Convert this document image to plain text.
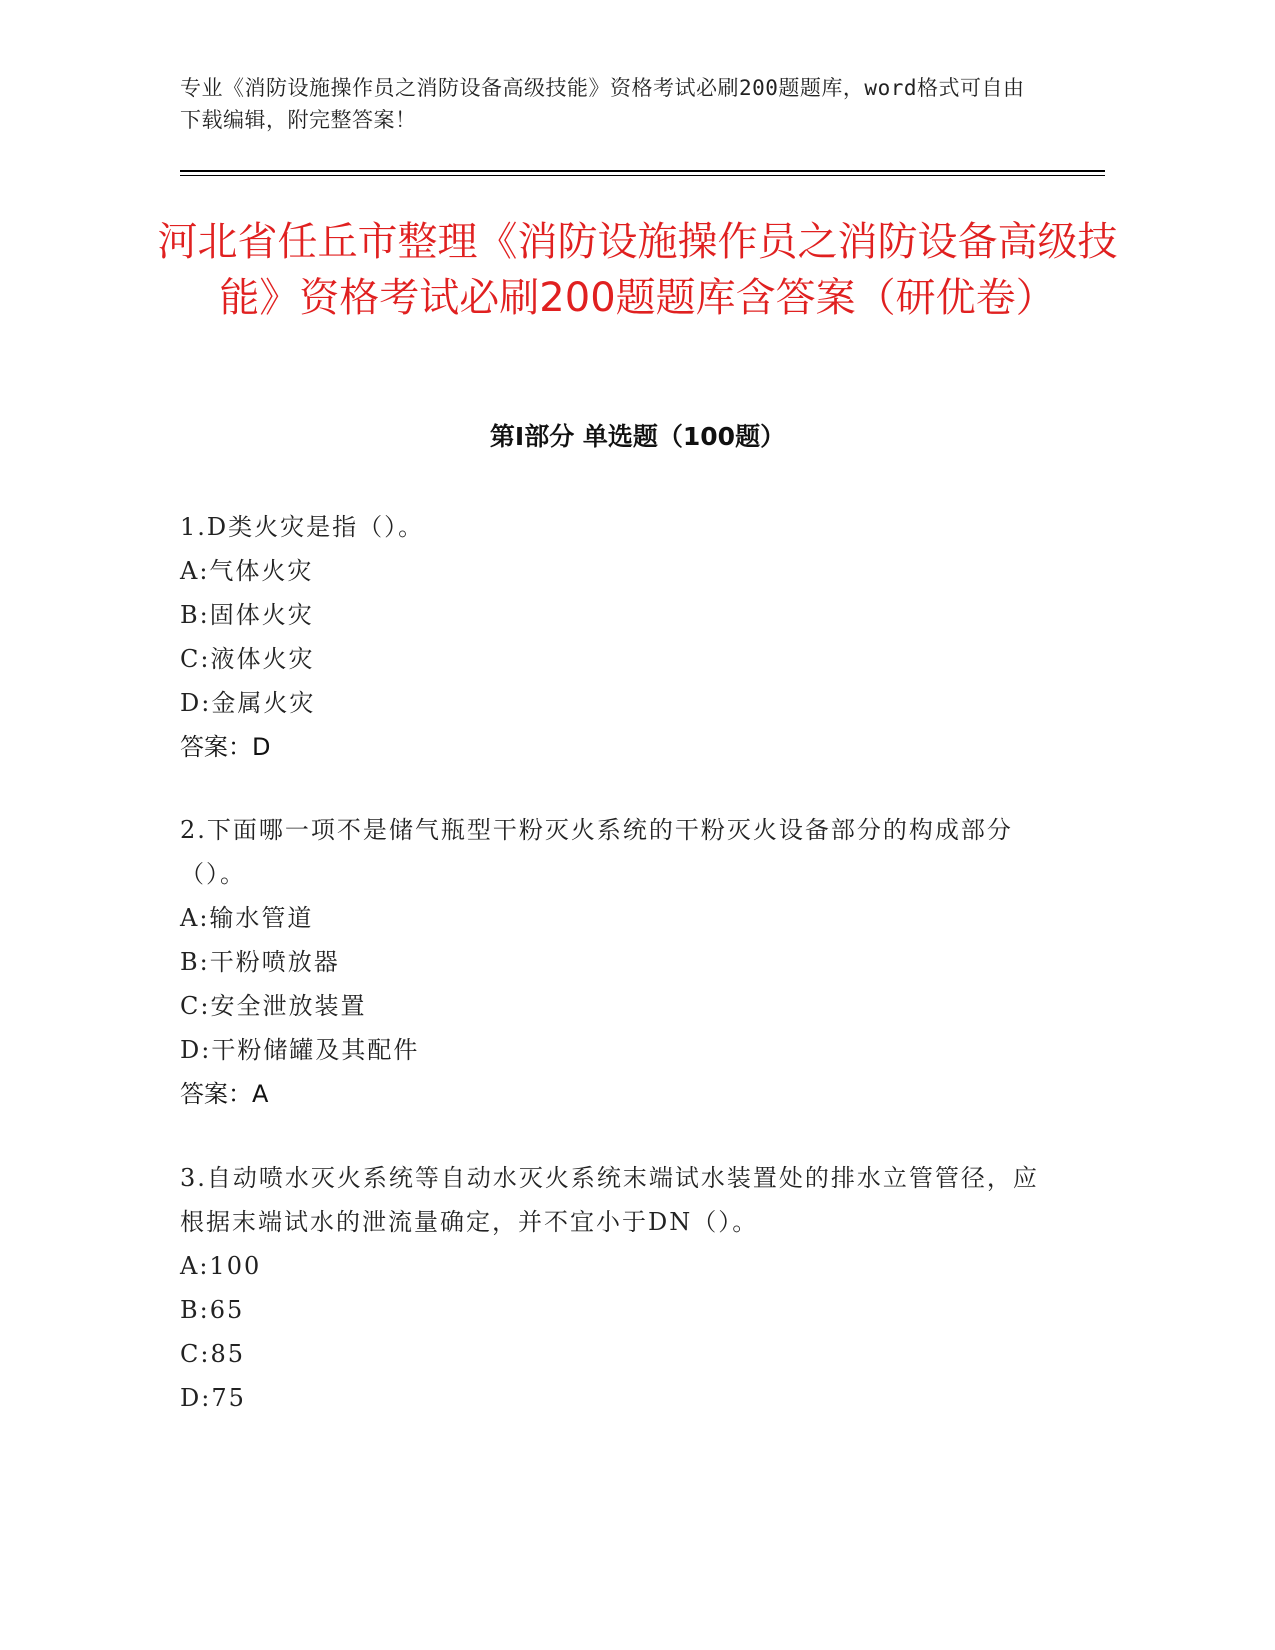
专业《消防设施操作员之消防设备高级技能》资格考试必刷200题题库，word格式可自由下载编辑，附完整答案！
河北省任丘市整理《消防设施操作员之消防设备高级技能》资格考试必刷200题题库含答案（研优卷）
第Ⅰ部分 单选题（100题）

1.D类火灾是指（）。

A:气体火灾

B:固体火灾

C:液体火灾

D:金属火灾

答案：D

2.下面哪一项不是储气瓶型干粉灭火系统的干粉灭火设备部分的构成部分（）。

A:输水管道

B:干粉喷放器

C:安全泄放装置

D:干粉储罐及其配件

答案：A

3.自动喷水灭火系统等自动水灭火系统末端试水装置处的排水立管管径，应根据末端试水的泄流量确定，并不宜小于DN（）。

A:100

B:65

C:85

D:75
